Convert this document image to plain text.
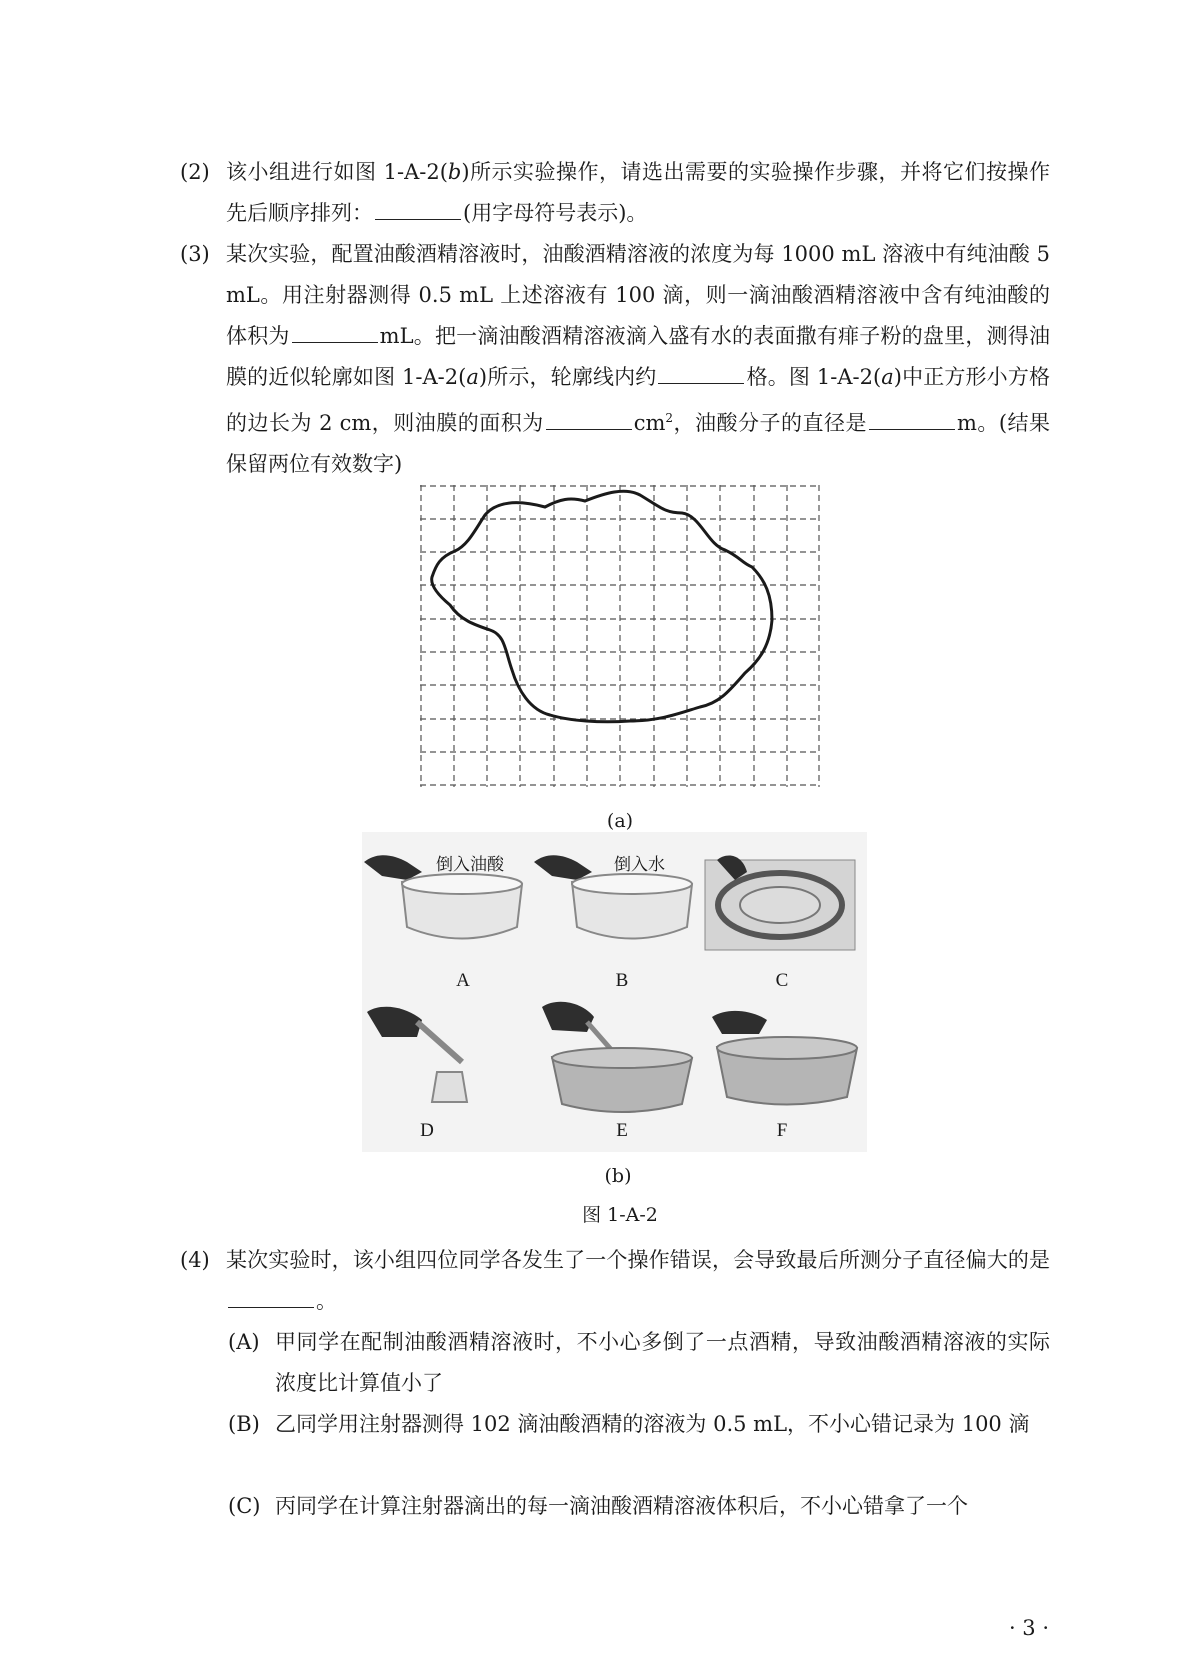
(2) 该小组进行如图 1-A-2(b)所示实验操作，请选出需要的实验操作步骤，并将它们按操作先后顺序排列：	(用字母符号表示)。
(3) 某次实验，配置油酸酒精溶液时，油酸酒精溶液的浓度为每 1000 mL 溶液中有纯油酸 5 mL。用注射器测得 0.5 mL 上述溶液有 100 滴，则一滴油酸酒精溶液中含有纯油酸的体积为	mL。把一滴油酸酒精溶液滴入盛有水的表面撒有痱子粉的盘里，测得油膜的近似轮廓如图 1-A-2(a)所示，轮廓线内约	格。图 1-A-2(a)中正方形小方格的边长为 2 cm，则油膜的面积为	$cm^2$，油酸分子的直径是	m。(结果保留两位有效数字)
(a)
A
倒入油酸
B
倒入水
C
D	E	F
(b)
图 1-A-2
(4) 某次实验时，该小组四位同学各发生了一个操作错误，会导致最后所测分子直径偏大的是。
(A) 甲同学在配制油酸酒精溶液时，不小心多倒了一点酒精，导致油酸酒精溶液的实际浓度比计算值小了
(B) 乙同学用注射器测得 102 滴油酸酒精的溶液为 0.5 mL，不小心错记录为 100 滴
(C) 丙同学在计算注射器滴出的每一滴油酸酒精溶液体积后，不小心错拿了一个
· 3 ·
